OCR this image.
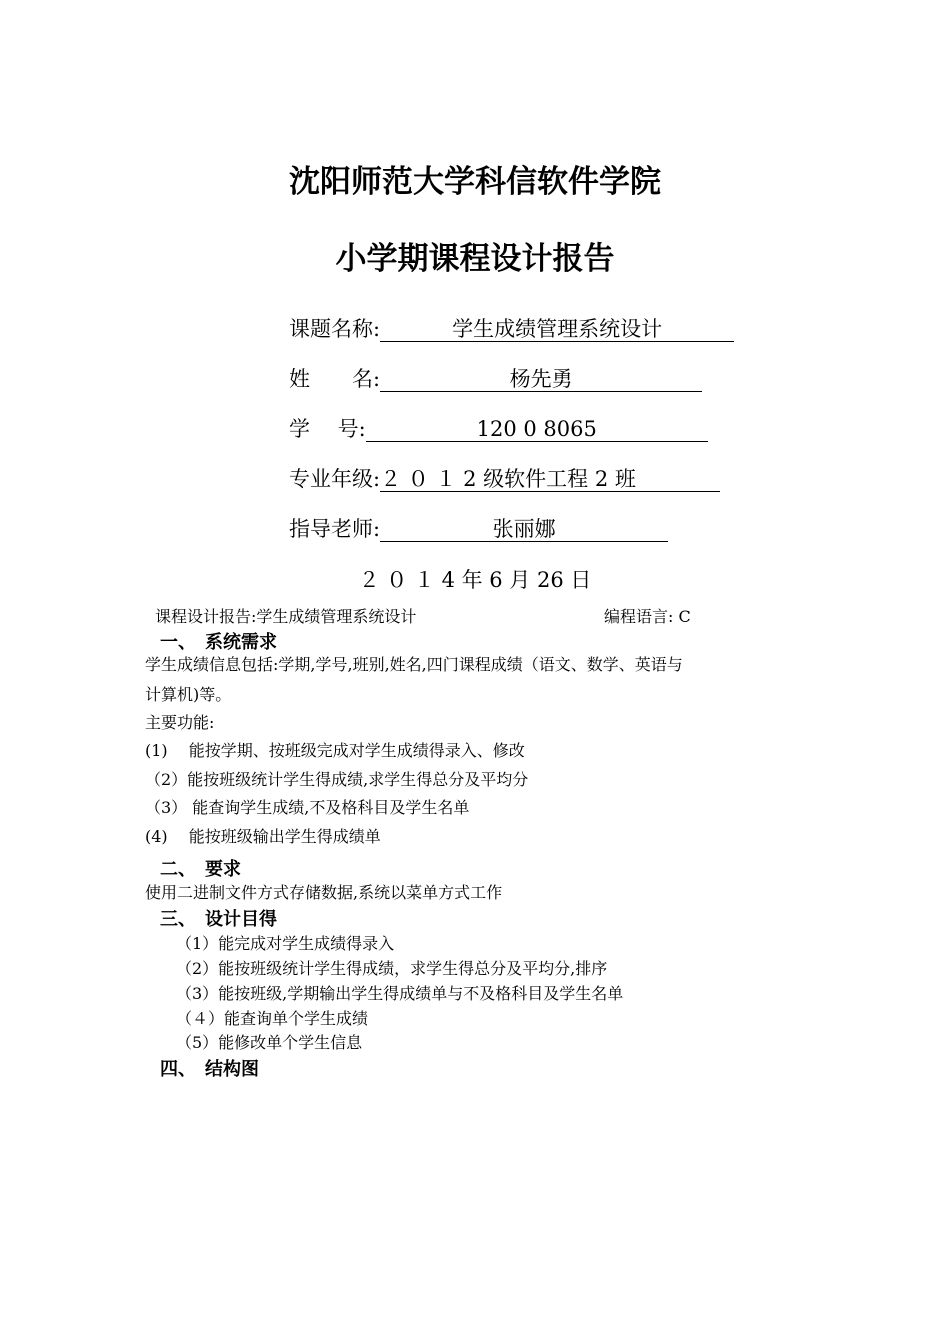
沈阳师范大学科信软件学院
小学期课程设计报告
课题名称:	学生成绩管理系统设计
姓　　名:	杨先勇
学　 号:	120 0 8065
专业年级:２ ０ １ 2 级软件工程 2 班
指导老师:	张丽娜
２ ０ １ 4 年 6 月 26 日
课程设计报告:学生成绩管理系统设计	编程语言: C
一、　系统需求
学生成绩信息包括:学期,学号,班别,姓名,四门课程成绩（语文、数学、英语与
计算机)等。
主要功能:
(1)　 能按学期、按班级完成对学生成绩得录入、修改
（2）能按班级统计学生得成绩,求学生得总分及平均分
（3） 能查询学生成绩,不及格科目及学生名单
(4)　 能按班级输出学生得成绩单
二、　要求
使用二进制文件方式存储数据,系统以菜单方式工作
三、　设计目得
（1）能完成对学生成绩得录入
（2）能按班级统计学生得成绩，求学生得总分及平均分,排序
（3）能按班级,学期输出学生得成绩单与不及格科目及学生名单
（４）能查询单个学生成绩
（5）能修改单个学生信息
四、　结构图
